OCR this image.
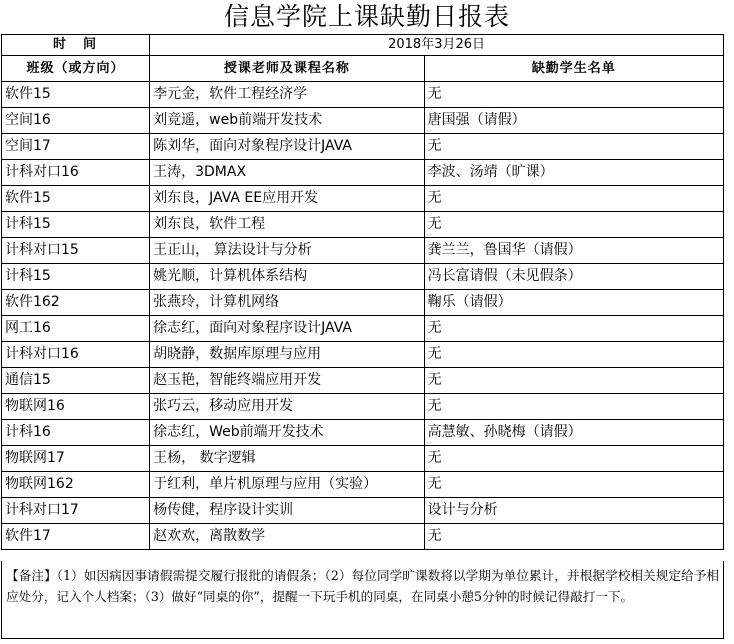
信息学院上课缺勤日报表
时　间	2018年3月26日	
班级（或方向）	授课老师及课程名称	缺勤学生名单
软件15	李元金，软件工程经济学	无
空间16	刘竞遥，web前端开发技术	唐国强（请假）
空间17	陈刘华，面向对象程序设计JAVA	无
计科对口16	王涛，3DMAX	李波、汤靖（旷课）
软件15	刘东良，JAVA EE应用开发	无
计科15	刘东良，软件工程	无
计科对口15	王正山， 算法设计与分析	龚兰兰，鲁国华（请假）
计科15	姚光顺，计算机体系结构	冯长富请假（未见假条）
软件162	张燕玲，计算机网络	鞠乐（请假）
网工16	徐志红，面向对象程序设计JAVA	无
计科对口16	胡晓静，数据库原理与应用	无
通信15	赵玉艳，智能终端应用开发	无
物联网16	张巧云，移动应用开发	无
计科16	徐志红，Web前端开发技术	高慧敏、孙晓梅（请假）
物联网17	王杨， 数字逻辑	无
物联网162	于红利，单片机原理与应用（实验）	无
计科对口17	杨传健，程序设计实训	设计与分析
软件17	赵欢欢，离散数学	无
【备注】（1）如因病因事请假需提交履行报批的请假条；（2）每位同学旷课数将以学期为单位累计，并根据学校相关规定给予相应处分，记入个人档案；（3）做好“同桌的你”，提醒一下玩手机的同桌，在同桌小憩5分钟的时候记得敲打一下。
